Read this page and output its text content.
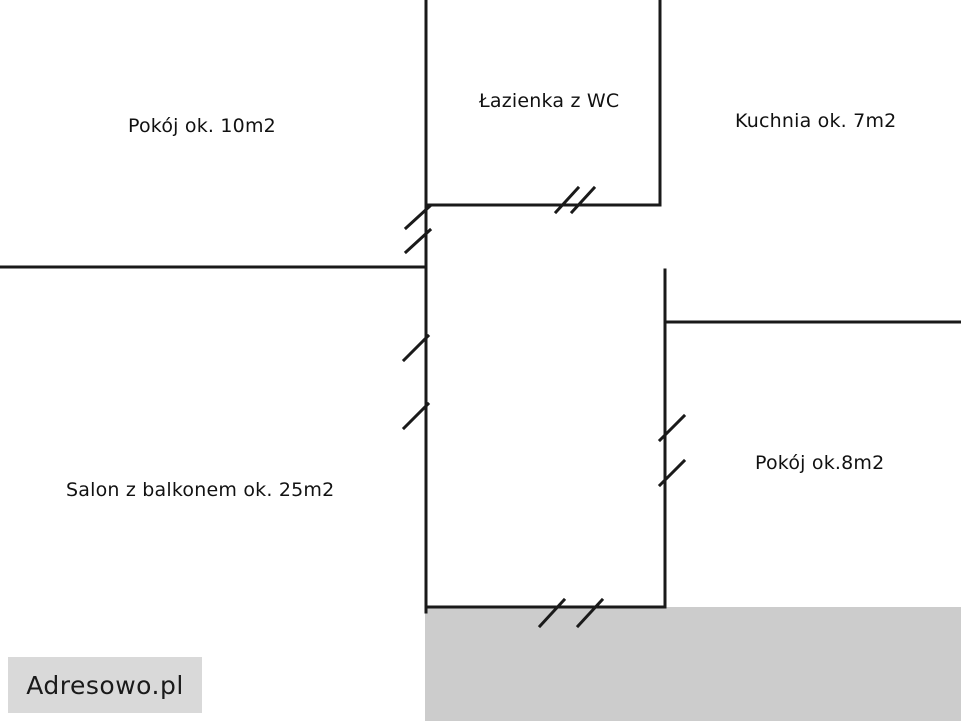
Pokój ok. 10m2
Łazienka z WC
Kuchnia ok. 7m2
Salon z balkonem ok. 25m2
Pokój ok.8m2
Adresowo.pl
